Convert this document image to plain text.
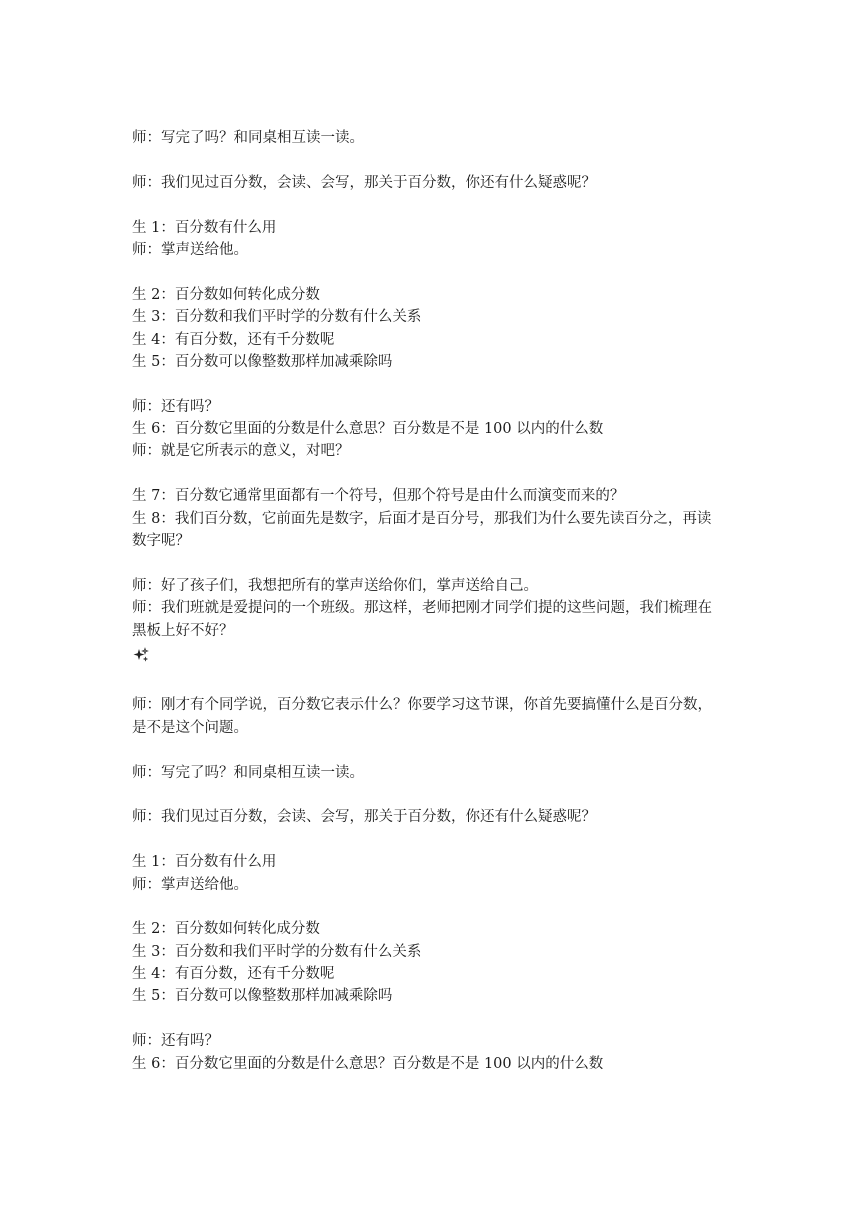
师：写完了吗？和同桌相互读一读。
师：我们见过百分数，会读、会写，那关于百分数，你还有什么疑惑呢？
生 1：百分数有什么用
师：掌声送给他。
生 2：百分数如何转化成分数
生 3：百分数和我们平时学的分数有什么关系
生 4：有百分数，还有千分数呢
生 5：百分数可以像整数那样加减乘除吗
师：还有吗？
生 6：百分数它里面的分数是什么意思？百分数是不是 100 以内的什么数
师：就是它所表示的意义，对吧？
生 7：百分数它通常里面都有一个符号，但那个符号是由什么而演变而来的？
生 8：我们百分数，它前面先是数字，后面才是百分号，那我们为什么要先读百分之，再读
数字呢？
师：好了孩子们，我想把所有的掌声送给你们，掌声送给自己。
师：我们班就是爱提问的一个班级。那这样，老师把刚才同学们提的这些问题，我们梳理在
黑板上好不好？
师：刚才有个同学说，百分数它表示什么？你要学习这节课，你首先要搞懂什么是百分数，
是不是这个问题。
师：写完了吗？和同桌相互读一读。
师：我们见过百分数，会读、会写，那关于百分数，你还有什么疑惑呢？
生 1：百分数有什么用
师：掌声送给他。
生 2：百分数如何转化成分数
生 3：百分数和我们平时学的分数有什么关系
生 4：有百分数，还有千分数呢
生 5：百分数可以像整数那样加减乘除吗
师：还有吗？
生 6：百分数它里面的分数是什么意思？百分数是不是 100 以内的什么数
